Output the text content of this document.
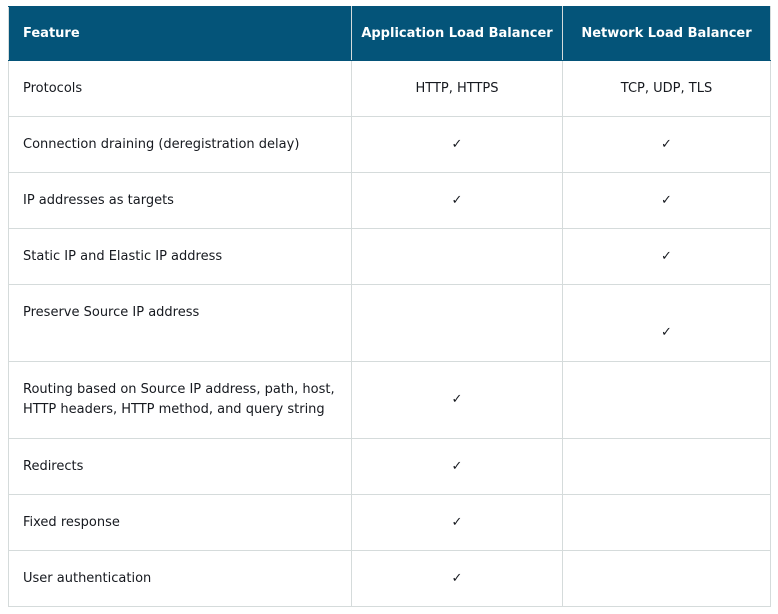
Feature	Application Load Balancer	Network Load Balancer
Protocols	HTTP, HTTPS	TCP, UDP, TLS
Connection draining (deregistration delay)	✓	✓
IP addresses as targets	✓	✓
Static IP and Elastic IP address		✓

Preserve Source IP address		✓

Routing based on Source IP address, path, host,
HTTP headers, HTTP method, and query string	✓	
Redirects	✓	
Fixed response	✓	
User authentication	✓	
